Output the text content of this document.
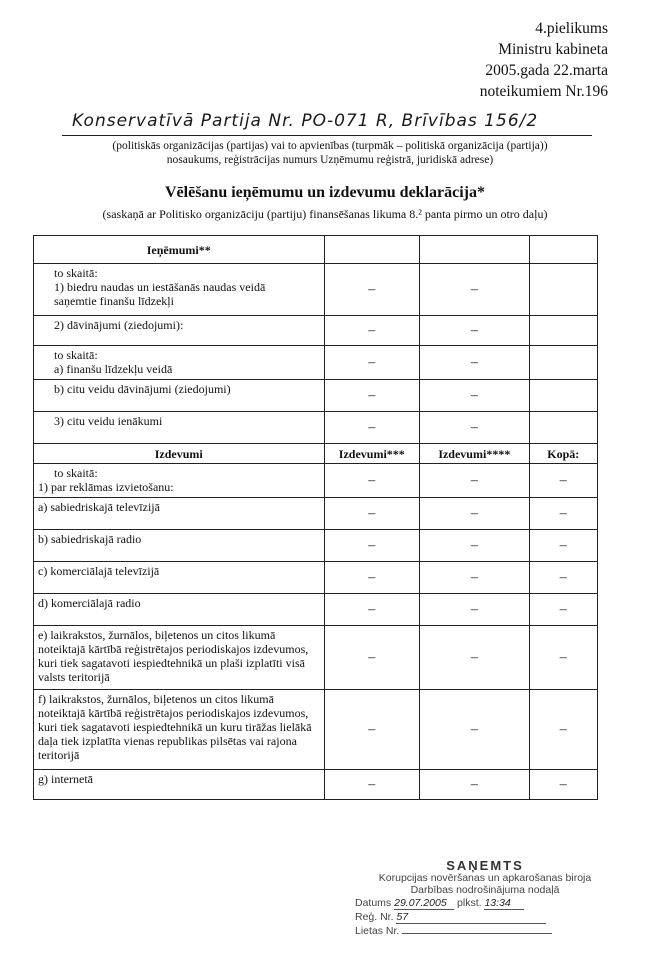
4.pielikums
Ministru kabineta
2005.gada 22.marta
noteikumiem Nr.196
Konservatīvā Partija Nr. PO-071 R, Brīvības 156/2
(politiskās organizācijas (partijas) vai to apvienības (turpmāk – politiskā organizācija (partija))
nosaukums, reģistrācijas numurs Uzņēmumu reģistrā, juridiskā adrese)
Vēlēšanu ieņēmumu un izdevumu deklarācija*
(saskaņā ar Politisko organizāciju (partiju) finansēšanas likuma 8.² panta pirmo un otro daļu)
Ieņēmumi**			

to skaitā:
1) biedru naudas un iestāšanās naudas veidā
saņemtie finanšu līdzekļi	–	–	

2) dāvinājumi (ziedojumi):	–	–	

to skaitā:
a) finanšu līdzekļu veidā	–	–	

b) citu veidu dāvinājumi (ziedojumi)	–	–	

3) citu veidu ienākumi	–	–	
Izdevumi	Izdevumi***	Izdevumi****	Kopā:

to skaitā:
1) par reklāmas izvietošanu:	–	–	–
a) sabiedriskajā televīzijā	–	–	–
b) sabiedriskajā radio	–	–	–
c) komerciālajā televīzijā	–	–	–
d) komerciālajā radio	–	–	–
e) laikrakstos, žurnālos, biļetenos un citos likumā noteiktajā kārtībā reģistrētajos periodiskajos izdevumos, kuri tiek sagatavoti iespiedtehnikā un plaši izplatīti visā valsts teritorijā	–	–	–
f) laikrakstos, žurnālos, biļetenos un citos likumā noteiktajā kārtībā reģistrētajos periodiskajos izdevumos, kuri tiek sagatavoti iespiedtehnikā un kuru tirāžas lielākā daļa tiek izplatīta vienas republikas pilsētas vai rajona teritorijā	–	–	–
g) internetā	–	–	–
SAŅEMTS
Korupcijas novēršanas un apkarošanas biroja
Darbības nodrošinājuma nodaļā
Datums 29.07.2005 plkst. 13:34
Reģ. Nr. 57
Lietas Nr.
